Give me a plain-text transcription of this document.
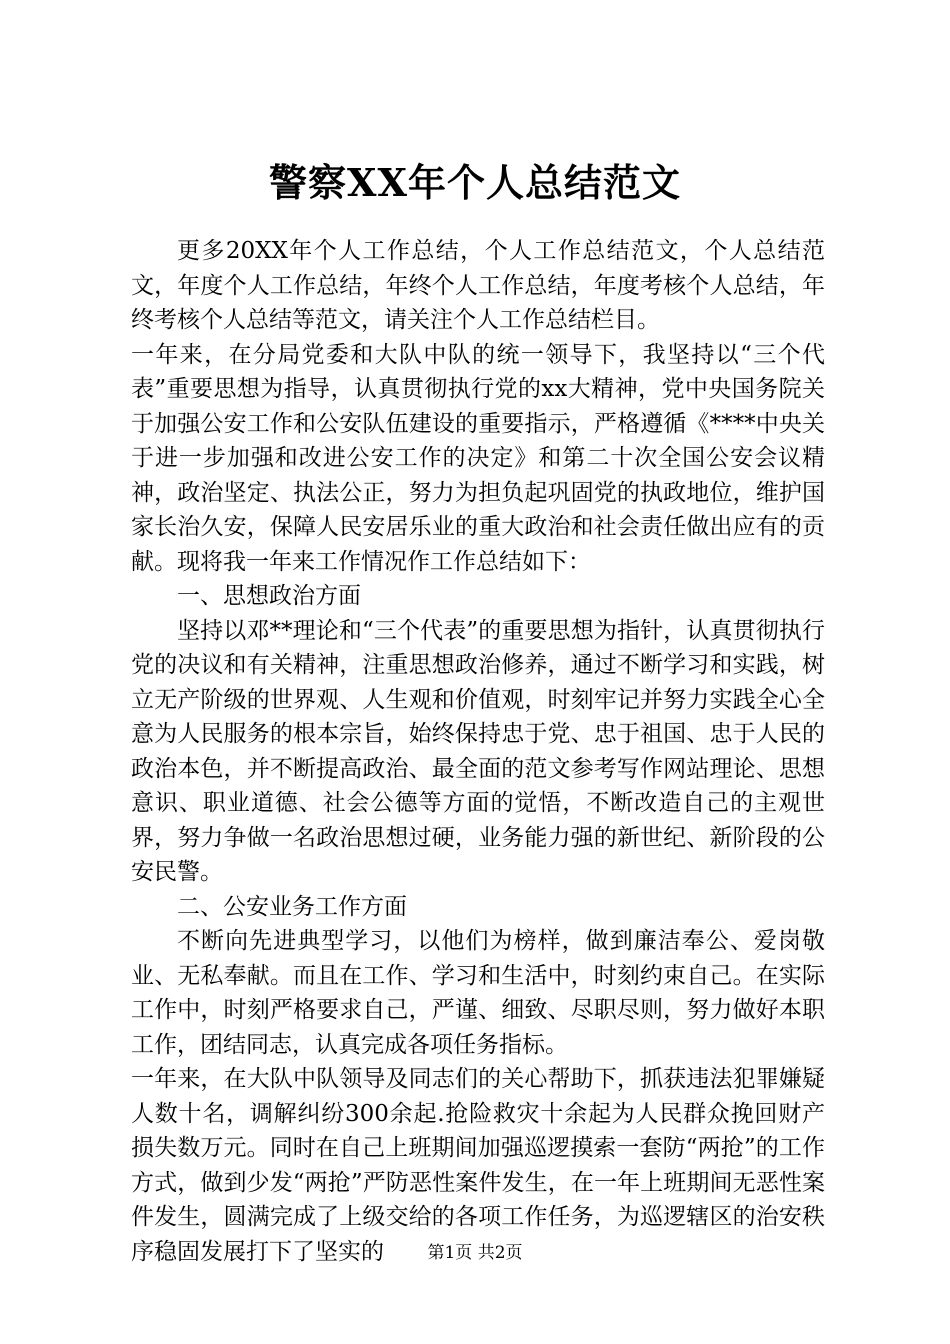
警察XX年个人总结范文

更多20XX年个人工作总结，个人工作总结范文，个人总结范文，年度个人工作总结，年终个人工作总结，年度考核个人总结，年终考核个人总结等范文，请关注个人工作总结栏目。

一年来，在分局党委和大队中队的统一领导下，我坚持以“三个代表”重要思想为指导，认真贯彻执行党的xx大精神，党中央国务院关于加强公安工作和公安队伍建设的重要指示，严格遵循《****中央关于进一步加强和改进公安工作的决定》和第二十次全国公安会议精神，政治坚定、执法公正，努力为担负起巩固党的执政地位，维护国家长治久安，保障人民安居乐业的重大政治和社会责任做出应有的贡献。现将我一年来工作情况作工作总结如下：

一、思想政治方面

坚持以邓**理论和“三个代表”的重要思想为指针，认真贯彻执行党的决议和有关精神，注重思想政治修养，通过不断学习和实践，树立无产阶级的世界观、人生观和价值观，时刻牢记并努力实践全心全意为人民服务的根本宗旨，始终保持忠于党、忠于祖国、忠于人民的政治本色，并不断提高政治、最全面的范文参考写作网站理论、思想意识、职业道德、社会公德等方面的觉悟，不断改造自己的主观世界，努力争做一名政治思想过硬，业务能力强的新世纪、新阶段的公安民警。

二、公安业务工作方面

不断向先进典型学习，以他们为榜样，做到廉洁奉公、爱岗敬业、无私奉献。而且在工作、学习和生活中，时刻约束自己。在实际工作中，时刻严格要求自己，严谨、细致、尽职尽则，努力做好本职工作，团结同志，认真完成各项任务指标。

一年来，在大队中队领导及同志们的关心帮助下，抓获违法犯罪嫌疑人数十名，调解纠纷300余起.抢险救灾十余起为人民群众挽回财产损失数万元。同时在自己上班期间加强巡逻摸索一套防“两抢”的工作方式，做到少发“两抢”严防恶性案件发生，在一年上班期间无恶性案件发生，圆满完成了上级交给的各项工作任务，为巡逻辖区的治安秩序稳固发展打下了坚实的	第1页 共2页
